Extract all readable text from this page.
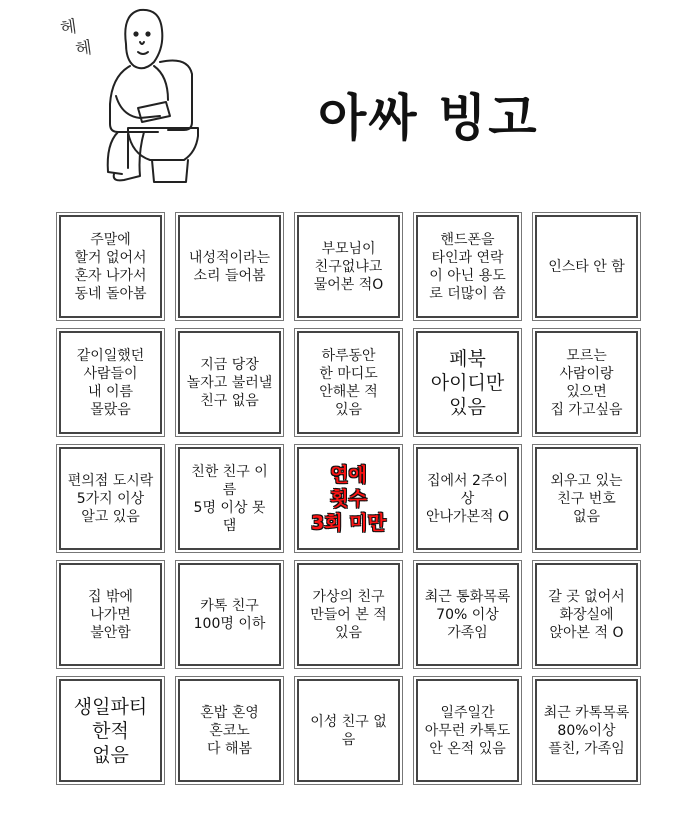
헤
헤
아싸 빙고
주말에
할거 없어서
혼자 나가서
동네 돌아봄
내성적이라는
소리 들어봄
부모님이
친구없냐고
물어본 적O
핸드폰을
타인과 연락
이 아닌 용도
로 더많이 씀
인스타 안 함
같이일했던
사람들이
내 이름
몰랐음
지금 당장
놀자고 불러낼
친구 없음
하루동안
한 마디도
안해본 적
있음
페북
아이디만
있음
모르는
사람이랑
있으면
집 가고싶음
편의점 도시락
5가지 이상
알고 있음
친한 친구 이름
5명 이상 못 댐
연애
횟수
3회 미만
집에서 2주이상
안나가본적 O
외우고 있는
친구 번호
없음
집 밖에
나가면
불안함
카톡 친구
100명 이하
가상의 친구
만들어 본 적
있음
최근 통화목록
70% 이상
가족임
갈 곳 없어서
화장실에
앉아본 적 O
생일파티
한적
없음
혼밥 혼영
혼코노
다 해봄
이성 친구 없음
일주일간
아무런 카톡도
안 온적 있음
최근 카톡목록
80%이상
플친, 가족임
